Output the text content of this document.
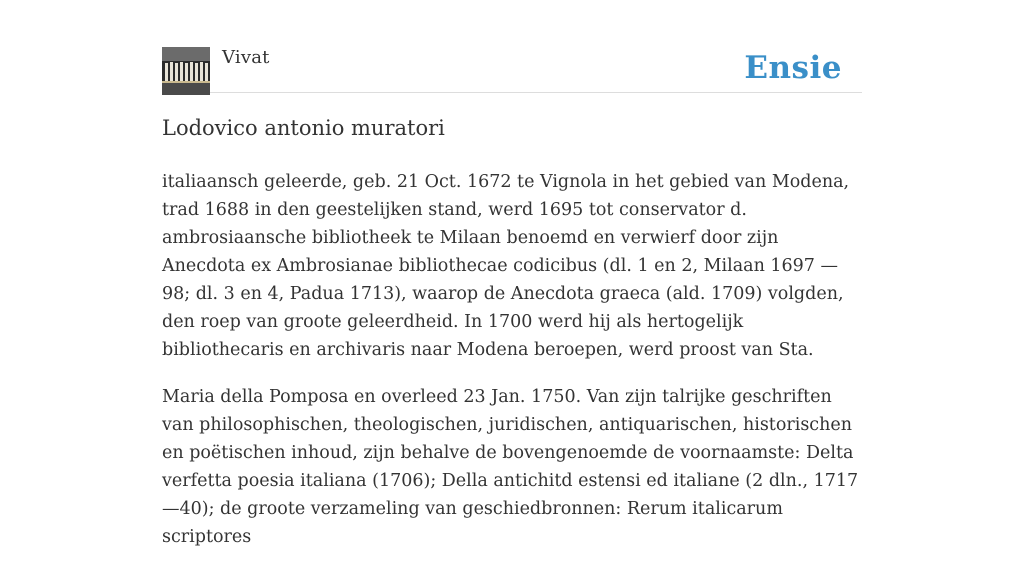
Vivat	Ensie
Lodovico antonio muratori

italiaansch geleerde, geb. 21 Oct. 1672 te Vignola in het gebied van Modena, trad 1688 in den geestelijken stand, werd 1695 tot conservator d. ambrosiaansche bibliotheek te Milaan benoemd en verwierf door zijn Anecdota ex Ambrosianae bibliothecae codicibus (dl. 1 en 2, Milaan 1697 —98; dl. 3 en 4, Padua 1713), waarop de Anecdota graeca (ald. 1709) volgden, den roep van groote geleerdheid. In 1700 werd hij als hertogelijk bibliothecaris en archivaris naar Modena beroepen, werd proost van Sta.

Maria della Pomposa en overleed 23 Jan. 1750. Van zijn talrijke geschriften van philosophischen, theologischen, juridischen, antiquarischen, historischen en poëtischen inhoud, zijn behalve de bovengenoemde de voornaamste: Delta verfetta poesia italiana (1706); Della antichitd estensi ed italiane (2 dln., 1717—40); de groote verzameling van geschiedbronnen: Rerum italicarum scriptores
